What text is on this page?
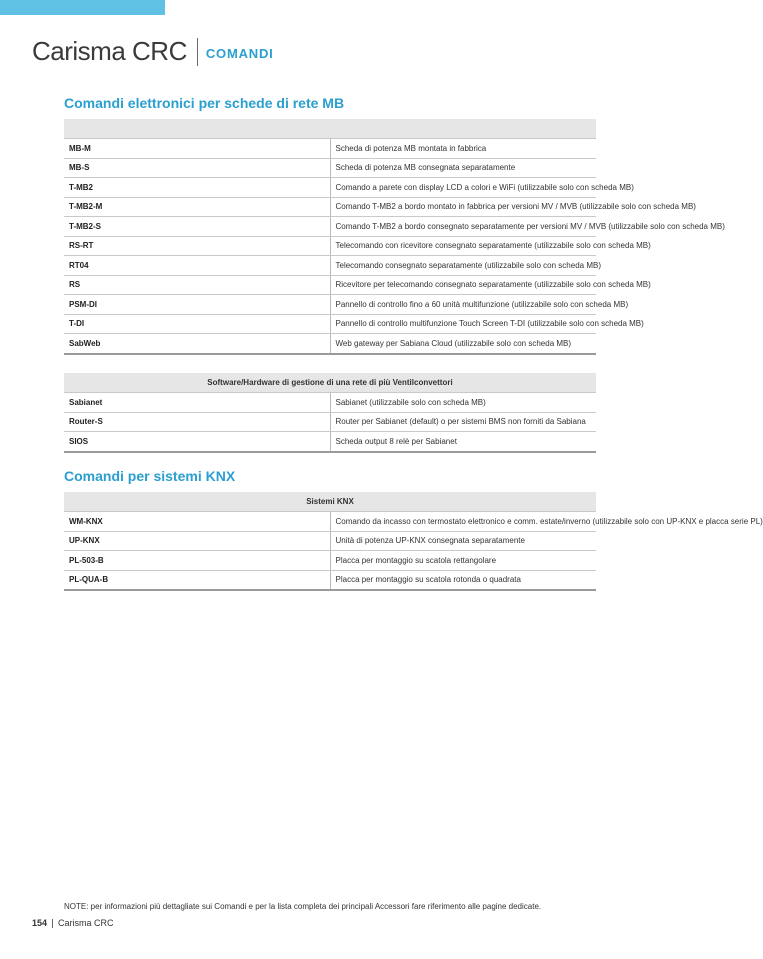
Carisma CRC COMANDI
Comandi elettronici per schede di rete MB

MB-M	Scheda di potenza MB montata in fabbrica
MB-S	Scheda di potenza MB consegnata separatamente
T-MB2	Comando a parete con display LCD a colori e WiFi (utilizzabile solo con scheda MB)
T-MB2-M	Comando T-MB2 a bordo montato in fabbrica per versioni MV / MVB (utilizzabile solo con scheda MB)
T-MB2-S	Comando T-MB2 a bordo consegnato separatamente per versioni MV / MVB (utilizzabile solo con scheda MB)
RS-RT	Telecomando con ricevitore consegnato separatamente (utilizzabile solo con scheda MB)
RT04	Telecomando consegnato separatamente (utilizzabile solo con scheda MB)
RS	Ricevitore per telecomando consegnato separatamente (utilizzabile solo con scheda MB)
PSM-DI	Pannello di controllo fino a 60 unità multifunzione (utilizzabile solo con scheda MB)
T-DI	Pannello di controllo multifunzione Touch Screen T-DI (utilizzabile solo con scheda MB)
SabWeb	Web gateway per Sabiana Cloud (utilizzabile solo con scheda MB)
Software/Hardware di gestione di una rete di più Ventilconvettori	
Sabianet	Sabianet (utilizzabile solo con scheda MB)
Router-S	Router per Sabianet (default) o per sistemi BMS non forniti da Sabiana
SIOS	Scheda output 8 relè per Sabianet
Comandi per sistemi KNX
Sistemi KNX	
WM-KNX	Comando da incasso con termostato elettronico e comm. estate/inverno (utilizzabile solo con UP-KNX e placca serie PL)
UP-KNX	Unità di potenza UP-KNX consegnata separatamente
PL-503-B	Placca per montaggio su scatola rettangolare
PL-QUA-B	Placca per montaggio su scatola rotonda o quadrata
NOTE: per informazioni più dettagliate sui Comandi e per la lista completa dei principali Accessori fare riferimento alle pagine dedicate.
154 Carisma CRC
